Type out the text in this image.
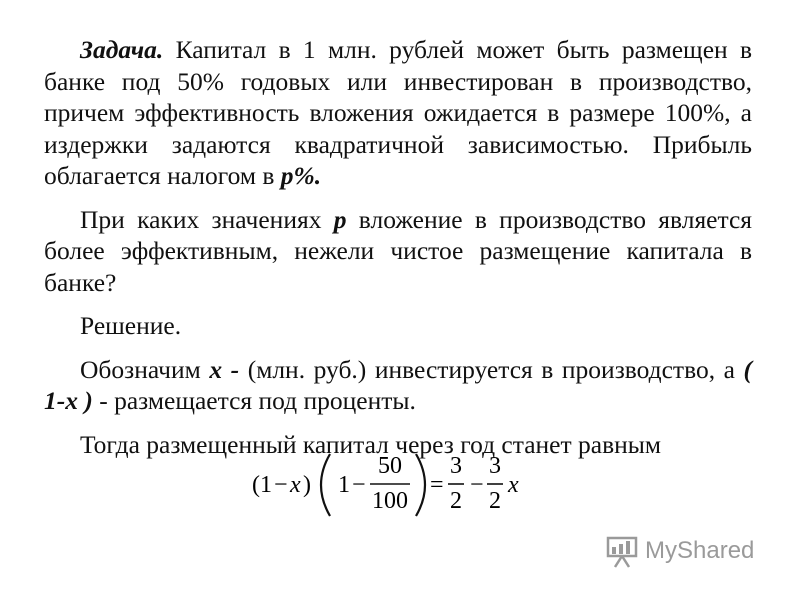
Задача. Капитал в 1 млн. рублей может быть размещен в банке под 50% годовых или инвестирован в производство, причем эффективность вложения ожидается в размере 100%, а издержки задаются квадратичной зависимостью. Прибыль облагается налогом в p%.

При каких значениях p вложение в производство является более эффективным, нежели чистое размещение капитала в банке?

Решение.

Обозначим x - (млн. руб.) инвестируется в производство, а ( 1-x ) - размещается под проценты.

Тогда размещенный капитал через год станет равным

( 1 − x ) 1 −
50
100
=
3
2
−
3
2
x
MyShared
